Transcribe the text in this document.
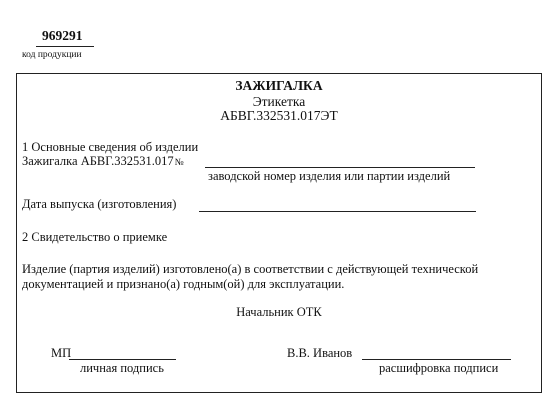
969291
код продукции
ЗАЖИГАЛКА
Этикетка
АБВГ.332531.017ЭТ
1 Основные сведения об изделии
Зажигалка АБВГ.332531.017№
заводской номер изделия или партии изделий
Дата выпуска (изготовления)
2 Свидетельство о приемке
Изделие (партия изделий) изготовлено(а) в соответствии с действующей технической
документацией и признано(а) годным(ой) для эксплуатации.
Начальник ОТК
МП
личная подпись
В.В. Иванов
расшифровка подписи
